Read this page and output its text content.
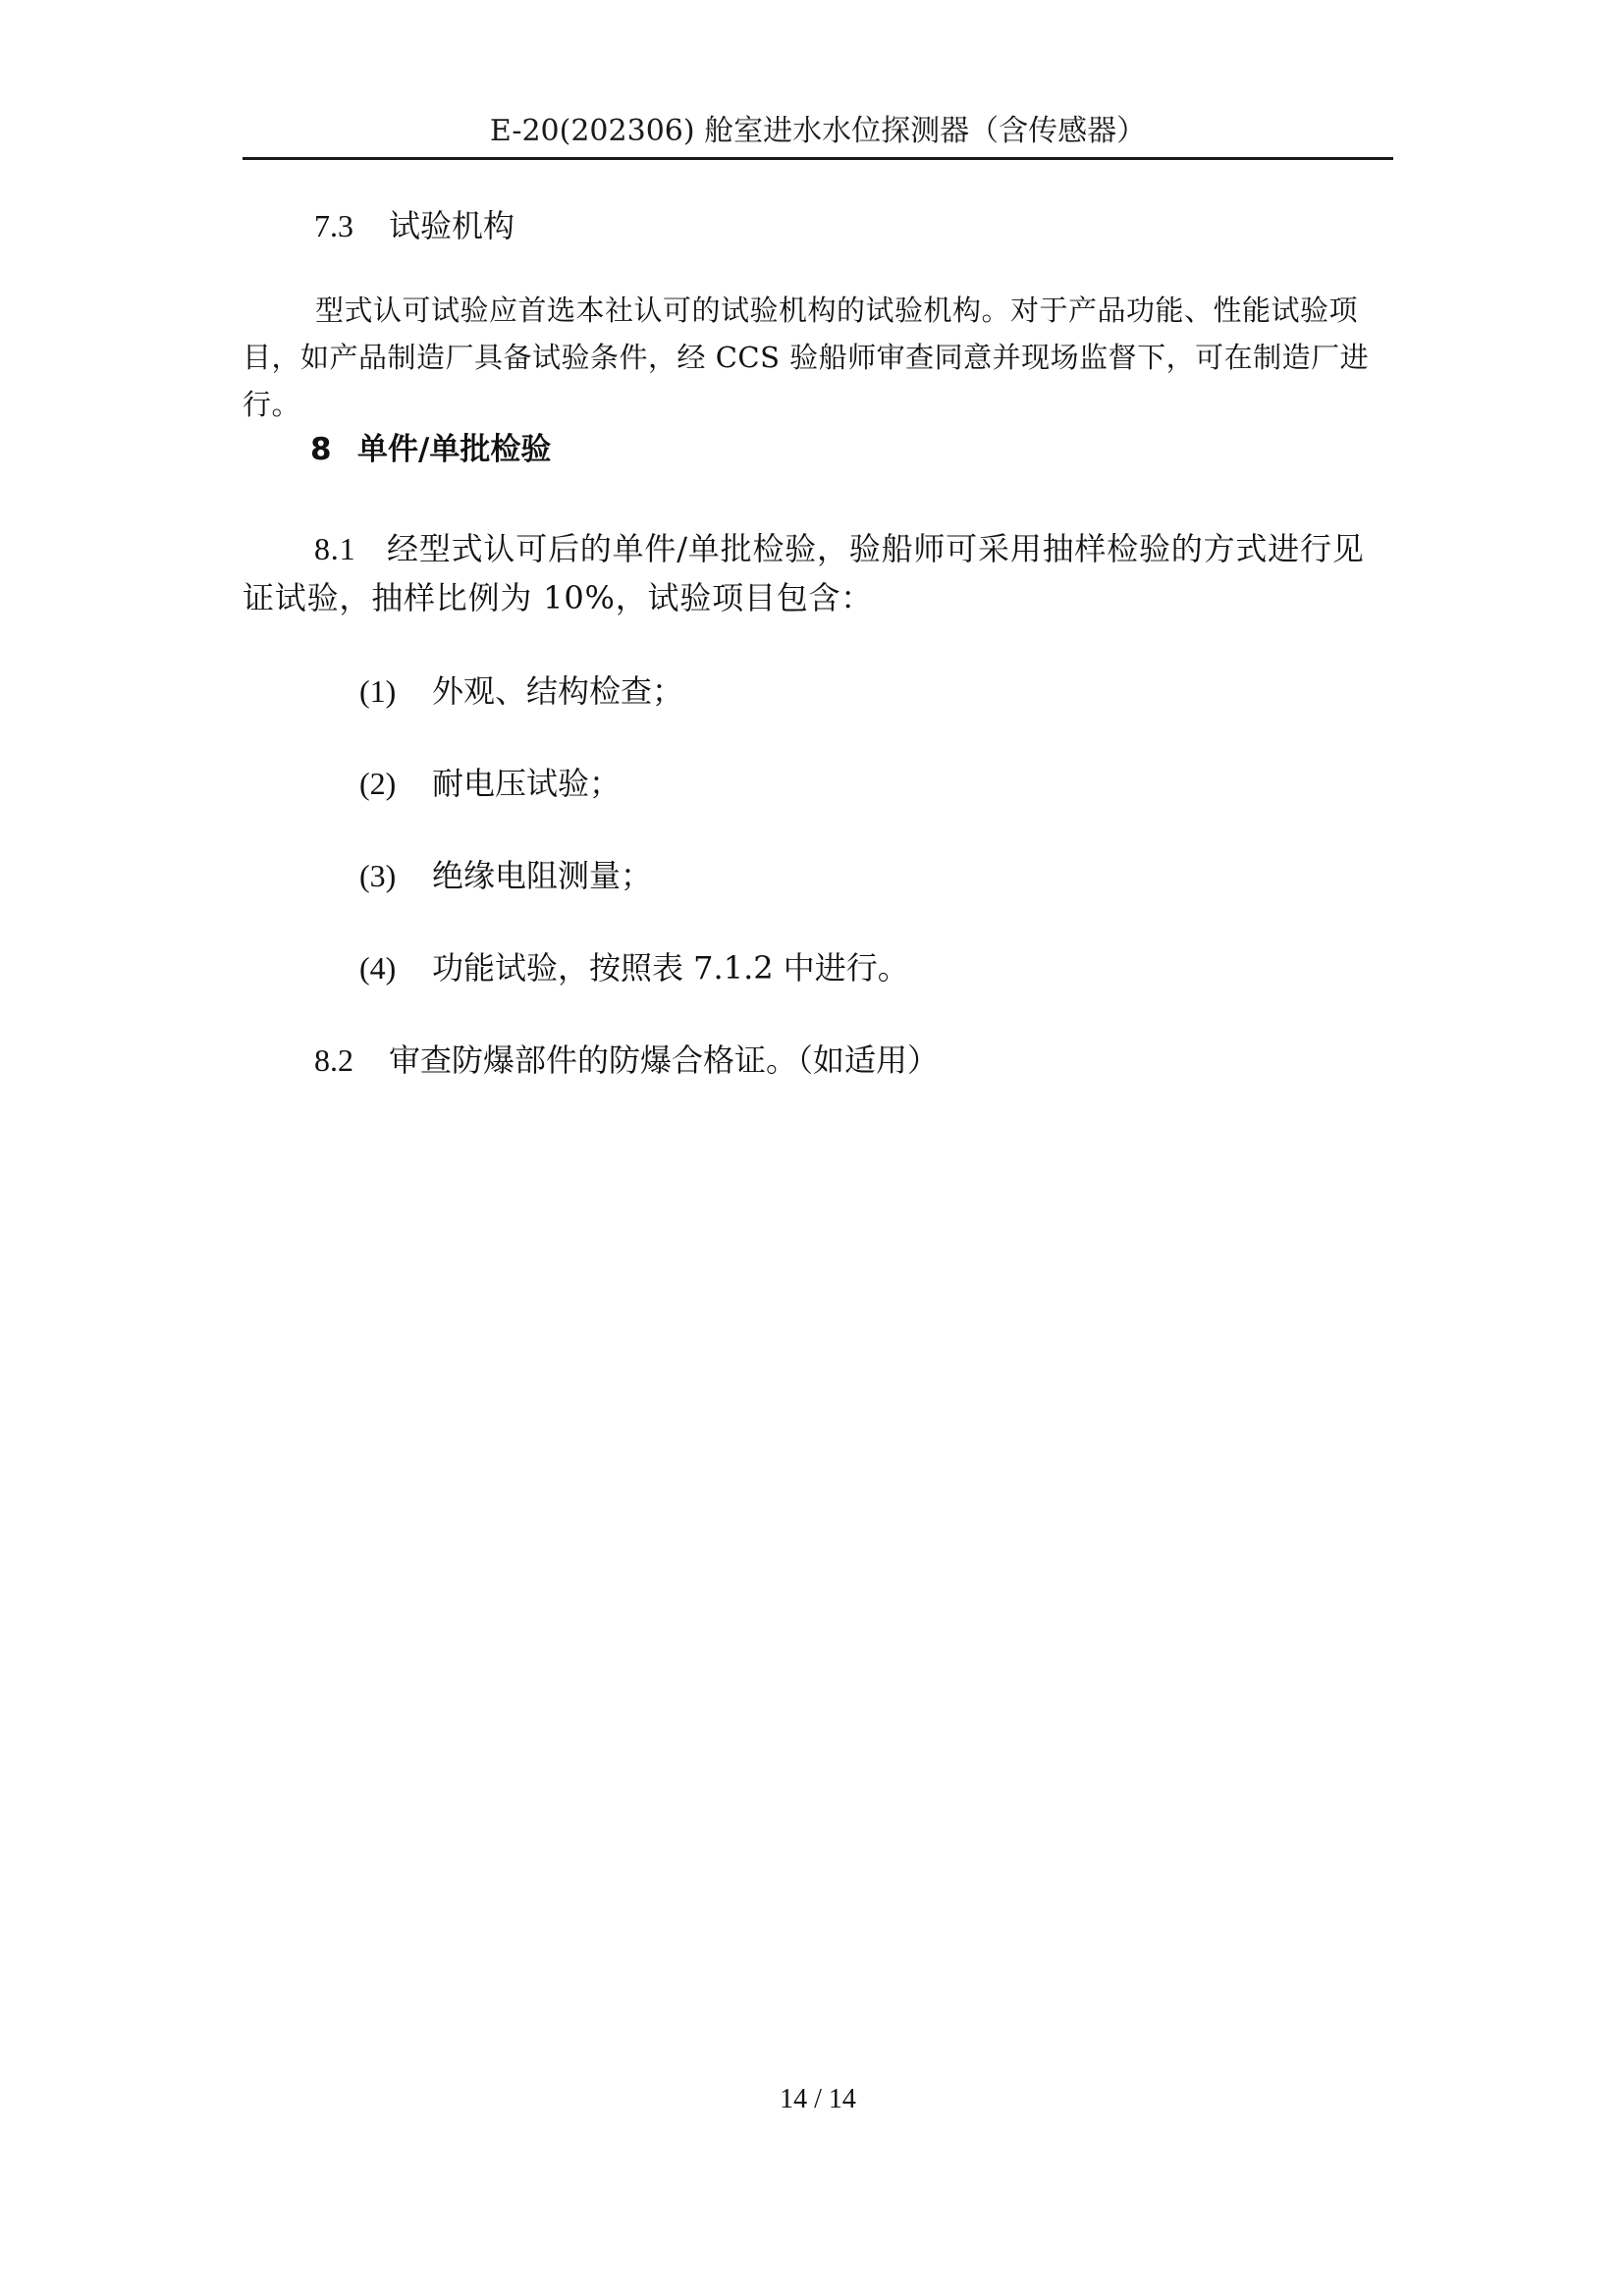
E-20(202306) 舱室进水水位探测器（含传感器）
7.3 试验机构
型式认可试验应首选本社认可的试验机构的试验机构。对于产品功能、性能试验项目，如产品制造厂具备试验条件，经 CCS 验船师审查同意并现场监督下，可在制造厂进行。
8 单件/单批检验
8.1 经型式认可后的单件/单批检验，验船师可采用抽样检验的方式进行见证试验，抽样比例为 10%，试验项目包含：
(1) 外观、结构检查；
(2) 耐电压试验；
(3) 绝缘电阻测量；
(4) 功能试验，按照表 7.1.2 中进行。
8.2 审查防爆部件的防爆合格证。（如适用）
14 / 14
